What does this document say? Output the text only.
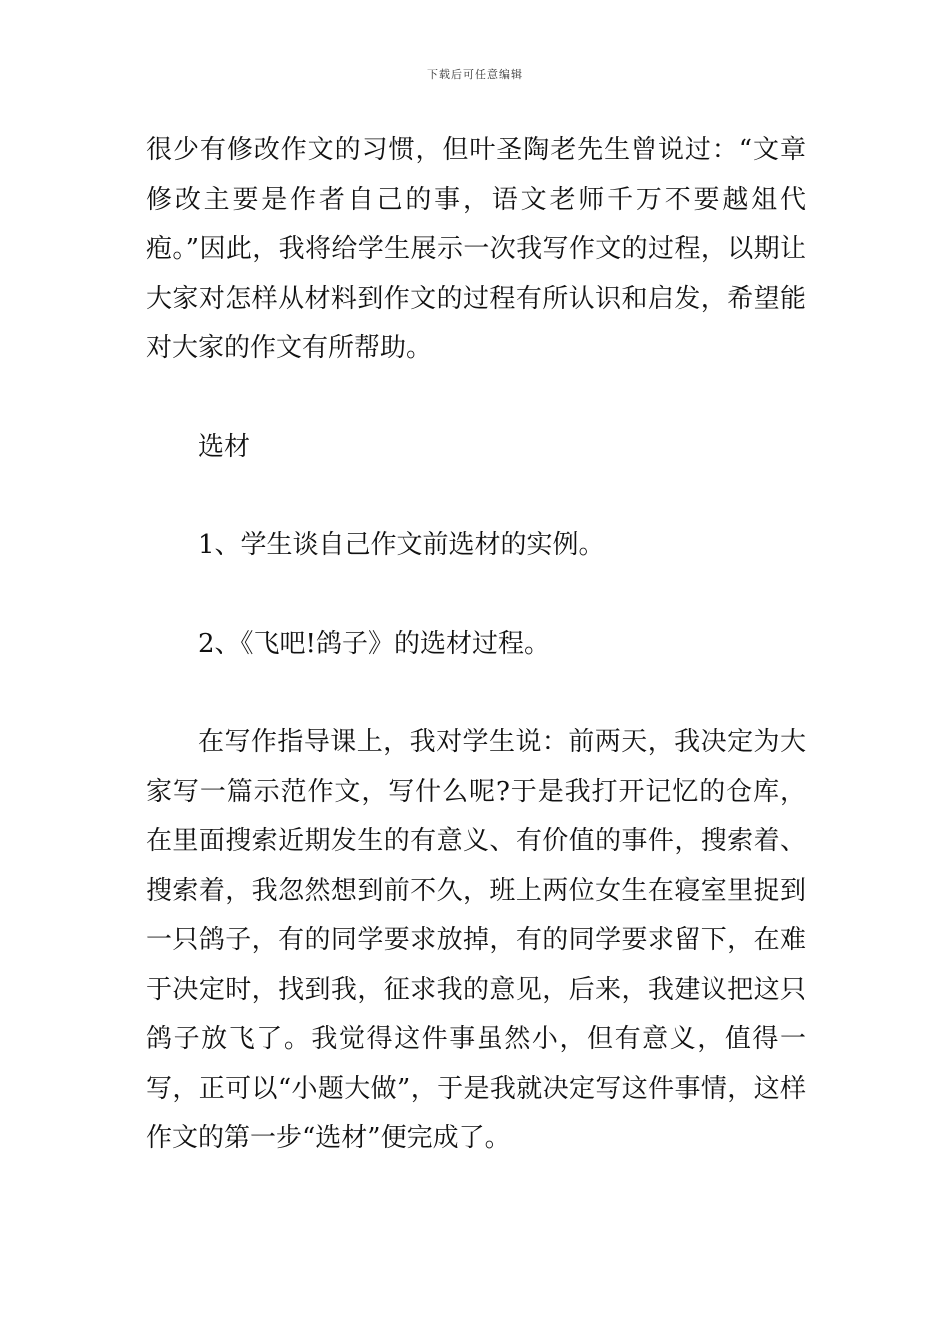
下载后可任意编辑

很少有修改作文的习惯，但叶圣陶老先生曾说过：“文章修改主要是作者自己的事，语文老师千万不要越俎代疱。”因此，我将给学生展示一次我写作文的过程，以期让大家对怎样从材料到作文的过程有所认识和启发，希望能对大家的作文有所帮助。

选材

1、学生谈自己作文前选材的实例。

2、《飞吧!鸽子》的选材过程。

在写作指导课上，我对学生说：前两天，我决定为大家写一篇示范作文，写什么呢?于是我打开记忆的仓库，在里面搜索近期发生的有意义、有价值的事件，搜索着、搜索着，我忽然想到前不久，班上两位女生在寝室里捉到一只鸽子，有的同学要求放掉，有的同学要求留下，在难于决定时，找到我，征求我的意见，后来，我建议把这只鸽子放飞了。我觉得这件事虽然小，但有意义，值得一写，正可以“小题大做”，于是我就决定写这件事情，这样作文的第一步“选材”便完成了。
